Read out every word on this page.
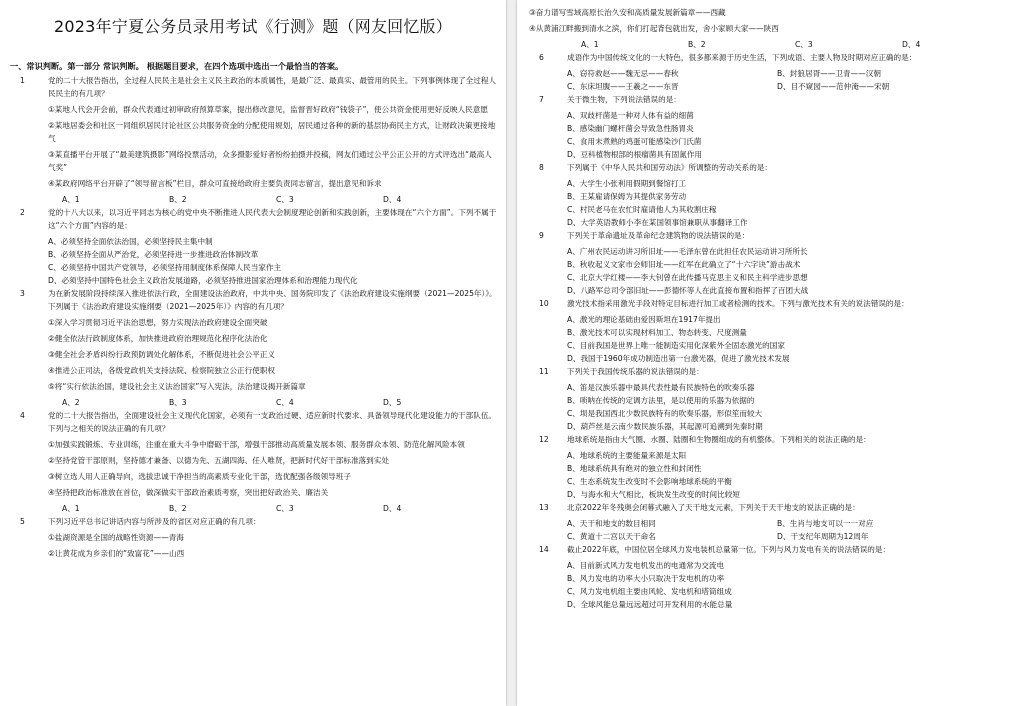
2023年宁夏公务员录用考试《行测》题（网友回忆版）
一、常识判断。第一部分 常识判断。 根据题目要求，在四个选项中选出一个最恰当的答案。
1	党的二十大报告指出，全过程人民民主是社会主义民主政治的本质属性，是最广泛、最真实、最管用的民主。下列事例体现了全过程人民民主的有几项？
①某地人代会开会前，群众代表通过初审政府预算草案，提出修改意见，监督晋好政府“钱袋子”，使公共资金使用更好反映人民意愿
②某地居委会和社区一同组织居民讨论社区公共服务资金的分配使用规划，居民通过各种的新的基层协商民主方式，让财政决策更接地气
③某直播平台开展了“最美建筑摄影”网络投票活动，众多摄影爱好者纷纷拍摄并投稿，网友们通过公平公正公开的方式评选出“最高人气奖”
④某政府网络平台开辟了“领导留言板”栏目，群众可直接给政府主要负责同志留言，提出意见和诉求
A、1	B、2	C、3	D、4
2	党的十八大以来，以习近平同志为核心的党中央不断推进人民代表大会制度理论创新和实践创新，主要体现在“六个方面”。下列不属于这“六个方面”内容的是：
A、必须坚持全面依法治国，必须坚持民主集中制
B、必须坚持全面从严治党，必须坚持进一步推进政治体制改革
C、必须坚持中国共产党领导，必须坚持用制度体系保障人民当家作主
D、必须坚持中国特色社会主义政治发展道路，必须坚持推进国家治理体系和治理能力现代化
3	为在新发展阶段持续深入推进依法行政，全面建设法治政府，中共中央、国务院印发了《法治政府建设实施纲要（2021—2025年）》。下列属于《法治政府建设实施纲要（2021—2025年）》内容的有几项？
①深入学习贯彻习近平法治思想，努力实现法治政府建设全面突破
②健全依法行政制度体系，加快推进政府治理规范化程序化法治化
③健全社会矛盾纠纷行政预防调处化解体系，不断促进社会公平正义
④推进公正司法，各级党政机关支持法院、检察院独立公正行使职权
⑤将“实行依法治国，建设社会主义法治国家”写入宪法，法治建设揭开新篇章
A、2	B、3	C、4	D、5
4	党的二十大报告指出，全面建设社会主义现代化国家，必须有一支政治过硬、适应新时代要求、具备领导现代化建设能力的干部队伍。下列与之相关的说法正确的有几项？
①加强实践锻炼、专业训练，注重在重大斗争中磨砺干部，增强干部推动高质量发展本领、服务群众本领、防范化解风险本领
②坚持党管干部原则，坚持德才兼备、以德为先、五湖四海、任人唯贤，把新时代好干部标准落到实处
③树立选人用人正确导向，选拔忠诚干净担当的高素质专业化干部，选优配强各级领导班子
④坚持把政治标准放在首位，做深做实干部政治素质考察，突出把好政治关、廉洁关
A、1	B、2	C、3	D、4
5	下列习近平总书记讲话内容与所涉及的省区对应正确的有几项：
①盐湖资源是全国的战略性资源——青海
②让黄花成为乡亲们的“致富花”——山西
③奋力谱写雪域高原长治久安和高质量发展新篇章——西藏
④从黄浦江畔搬到清水之滨，你们打起背包就出发，舍小家顾大家——陕西
A、1	B、2	C、3	D、4
6	成语作为中国传统文化的一大特色，很多都来源于历史生活，下列成语、主要人物及时期对应正确的是：
A、窃符救赵——魏无忌——春秋	B、封狼居胥——卫青——汉朝
C、东床坦腹——王羲之——东晋	D、目不窥园——范仲淹——宋朝
7	关于微生物，下列说法错误的是：
A、双歧杆菌是一种对人体有益的细菌
B、感染幽门螺杆菌会导致急性肠胃炎
C、食用未煮熟的鸡蛋可能感染沙门氏菌
D、豆科植物根部的根瘤菌具有固氮作用
8	下列属于《中华人民共和国劳动法》所调整的劳动关系的是：
A、大学生小张利用假期到餐馆打工
B、王某雇请保姆为其提供家务劳动
C、村民老马在农忙时雇请他人为其收割庄稼
D、大学英语教师小李在某国领事馆兼职从事翻译工作
9	下列关于革命遗址及革命纪念建筑物的说法错误的是：
A、广州农民运动讲习所旧址——毛泽东曾在此担任农民运动讲习所所长
B、秋收起义文家市会师旧址——红军在此确立了“十六字诀”游击战术
C、北京大学红楼——李大钊曾在此传播马克思主义和民主科学进步思想
D、八路军总司令部旧址——彭德怀等人在此直接布置和指挥了百团大战
10	激光技术指采用激光手段对特定目标进行加工或者检测的技术。下列与激光技术有关的说法错误的是：
A、激光的理论基础由爱因斯坦在1917年提出
B、激光技术可以实现材料加工、物态转变、尺度测量
C、目前我国是世界上唯一能制造实用化深紫外全固态激光的国家
D、我国于1960年成功制造出第一台激光器，促进了激光技术发展
11	下列关于我国传统乐器的说法错误的是：
A、笛是汉族乐器中最具代表性最有民族特色的吹奏乐器
B、唢呐在传统的定调方法里，是以使用的乐器为依据的
C、埙是我国西北少数民族特有的吹奏乐器，形似笙而较大
D、葫芦丝是云南少数民族乐器，其起源可追溯到先秦时期
12	地球系统是指由大气圈、水圈、陆圈和生物圈组成的有机整体。下列相关的说法正确的是：
A、地球系统的主要能量来源是太阳
B、地球系统具有绝对的独立性和封闭性
C、生态系统发生改变时不会影响地球系统的平衡
D、与海水和大气相比，板块发生改变的时间比较短
13	北京2022年冬残奥会闭幕式融入了天干地支元素，下列关于天干地支的说法正确的是：
A、天干和地支的数目相同	B、生肖与地支可以一一对应
C、黄道十二宫以天干命名	D、干支纪年周期为12周年
14	截止2022年底，中国位居全球风力发电装机总量第一位。下列与风力发电有关的说法错误的是：
A、目前新式风力发电机发出的电通常为交流电
B、风力发电的功率大小只取决于发电机的功率
C、风力发电机组主要由风轮、发电机和塔筒组成
D、全球风能总量远远超过可开发利用的水能总量
